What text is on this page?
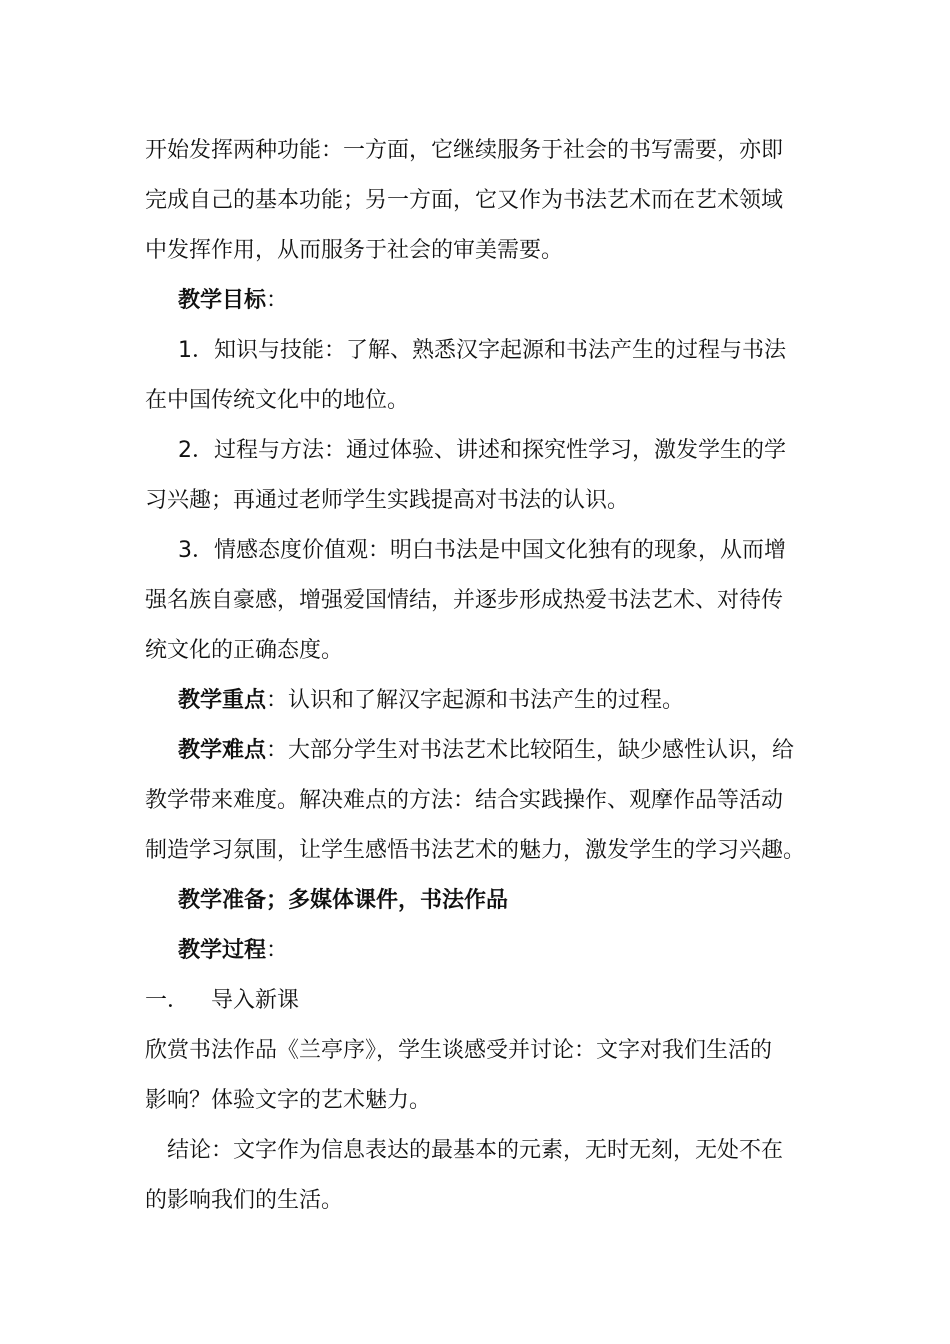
开始发挥两种功能：一方面，它继续服务于社会的书写需要，亦即
完成自己的基本功能；另一方面，它又作为书法艺术而在艺术领域
中发挥作用，从而服务于社会的审美需要。
教学目标：
1．知识与技能：了解、熟悉汉字起源和书法产生的过程与书法
在中国传统文化中的地位。
2．过程与方法：通过体验、讲述和探究性学习，激发学生的学
习兴趣；再通过老师学生实践提高对书法的认识。
3．情感态度价值观：明白书法是中国文化独有的现象，从而增
强名族自豪感，增强爱国情结，并逐步形成热爱书法艺术、对待传
统文化的正确态度。
教学重点：认识和了解汉字起源和书法产生的过程。
教学难点：大部分学生对书法艺术比较陌生，缺少感性认识，给
教学带来难度。解决难点的方法：结合实践操作、观摩作品等活动
制造学习氛围，让学生感悟书法艺术的魅力，激发学生的学习兴趣。
教学准备；多媒体课件，书法作品
教学过程：
一． 导入新课
欣赏书法作品《兰亭序》，学生谈感受并讨论：文字对我们生活的
影响？体验文字的艺术魅力。
结论：文字作为信息表达的最基本的元素，无时无刻，无处不在
的影响我们的生活。
